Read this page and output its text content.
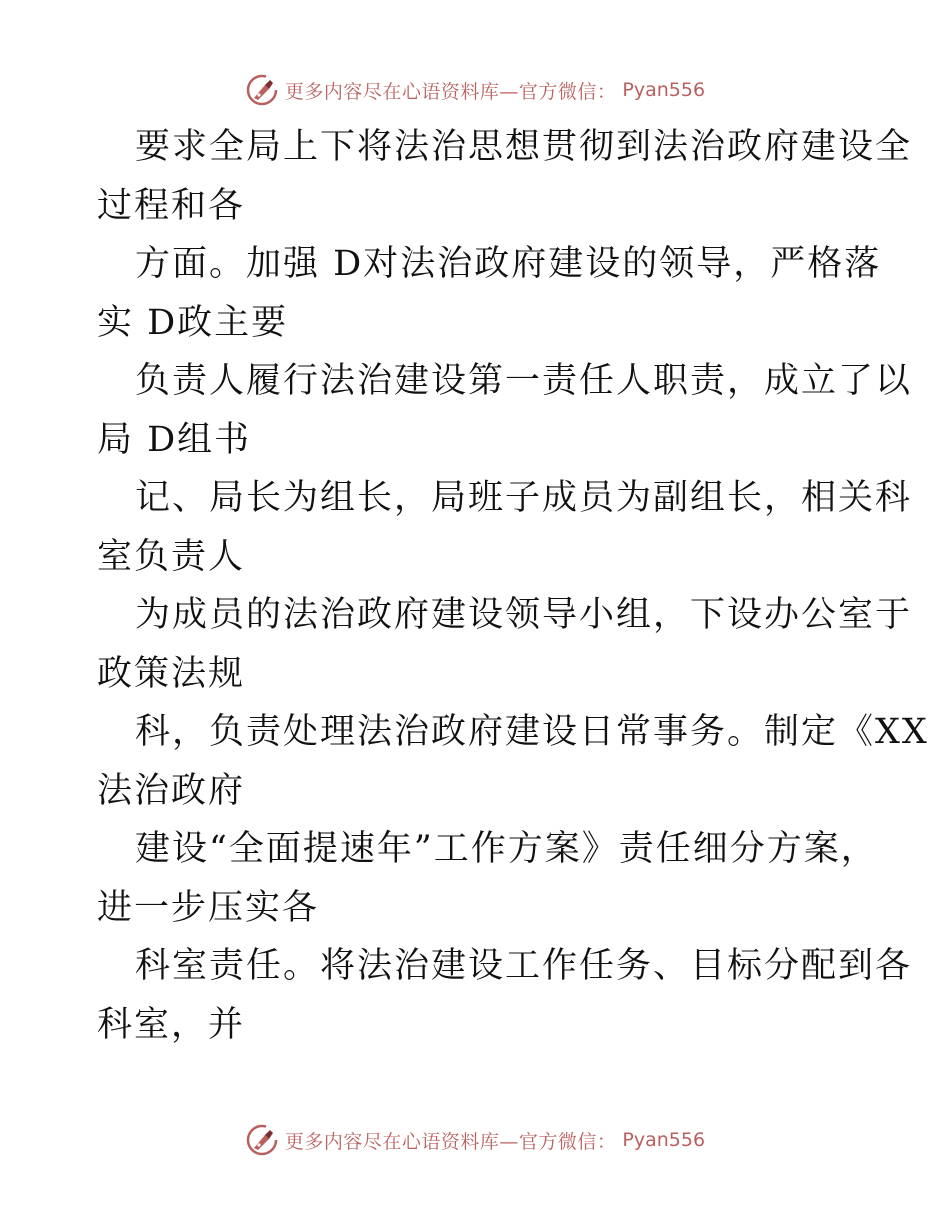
更多内容尽在心语资料库—官方微信： Pyan556
要求全局上下将法治思想贯彻到法治政府建设全
过程和各
方面。加强 D对法治政府建设的领导，严格落
实 D政主要
负责人履行法治建设第一责任人职责，成立了以
局 D组书
记、局长为组长，局班子成员为副组长，相关科
室负责人
为成员的法治政府建设领导小组，下设办公室于
政策法规
科，负责处理法治政府建设日常事务。制定《XX
法治政府
建设“全面提速年”工作方案》责任细分方案，
进一步压实各
科室责任。将法治建设工作任务、目标分配到各
科室，并
更多内容尽在心语资料库—官方微信： Pyan556
